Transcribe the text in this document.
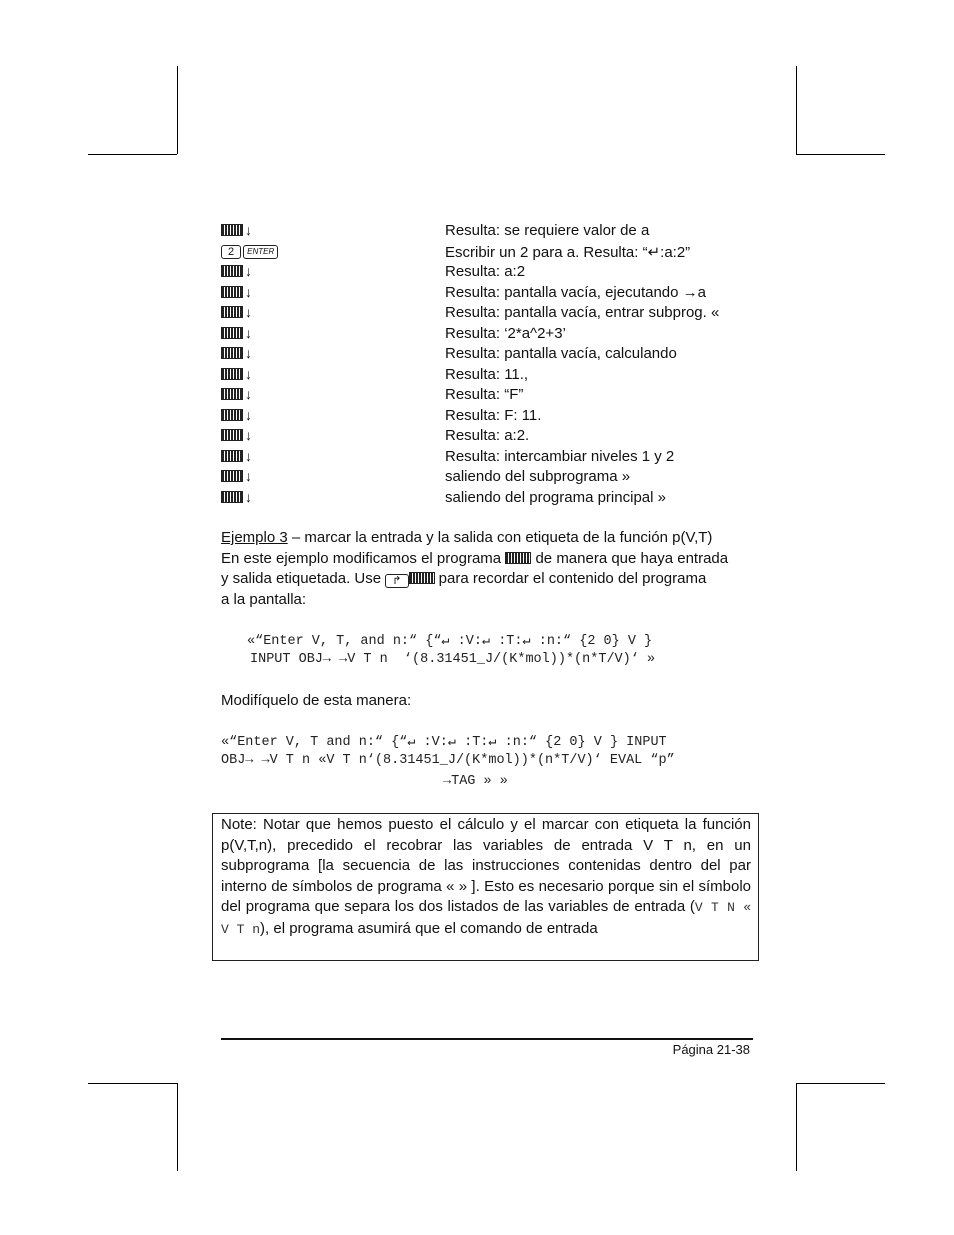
↓	Resulta: se requiere valor de a
2	ENTER	Escribir un 2 para a. Resulta: “↵:a:2”
↓	Resulta: a:2
↓	Resulta: pantalla vacía, ejecutando →a
↓	Resulta: pantalla vacía, entrar subprog. «
↓	Resulta: ‘2*a^2+3’
↓	Resulta: pantalla vacía, calculando
↓	Resulta: 11.,
↓	Resulta: “F”
↓	Resulta: F: 11.
↓	Resulta: a:2.
↓	Resulta: intercambiar niveles 1 y 2
↓	saliendo del subprograma »
↓	saliendo del programa principal »
Ejemplo 3 – marcar la entrada y la salida con etiqueta de la función p(V,T)
En este ejemplo modificamos el programa  de manera que haya entrada
y salida etiquetada. Use ↱ para recordar el contenido del programa
a la pantalla:
«“Enter V, T, and n:“ {“↵ :V:↵ :T:↵ :n:“ {2 0} V }
INPUT OBJ→ →V T n  ‘(8.31451_J/(K*mol))*(n*T/V)‘ »
Modifíquelo de esta manera:
«“Enter V, T and n:“ {“↵ :V:↵ :T:↵ :n:“ {2 0} V } INPUT
OBJ→ →V T n «V T n‘(8.31451_J/(K*mol))*(n*T/V)‘ EVAL “p”
→TAG » »
Note: Notar que hemos puesto el cálculo y el marcar con etiqueta la función p(V,T,n), precedido el recobrar las variables de entrada V T n, en un subprograma [la secuencia de las instrucciones contenidas dentro del par interno de símbolos de programa « » ]. Esto es necesario porque sin el símbolo del programa que separa los dos listados de las variables de entrada (V T N « V T n), el programa asumirá que el comando de entrada
Página 21-38
